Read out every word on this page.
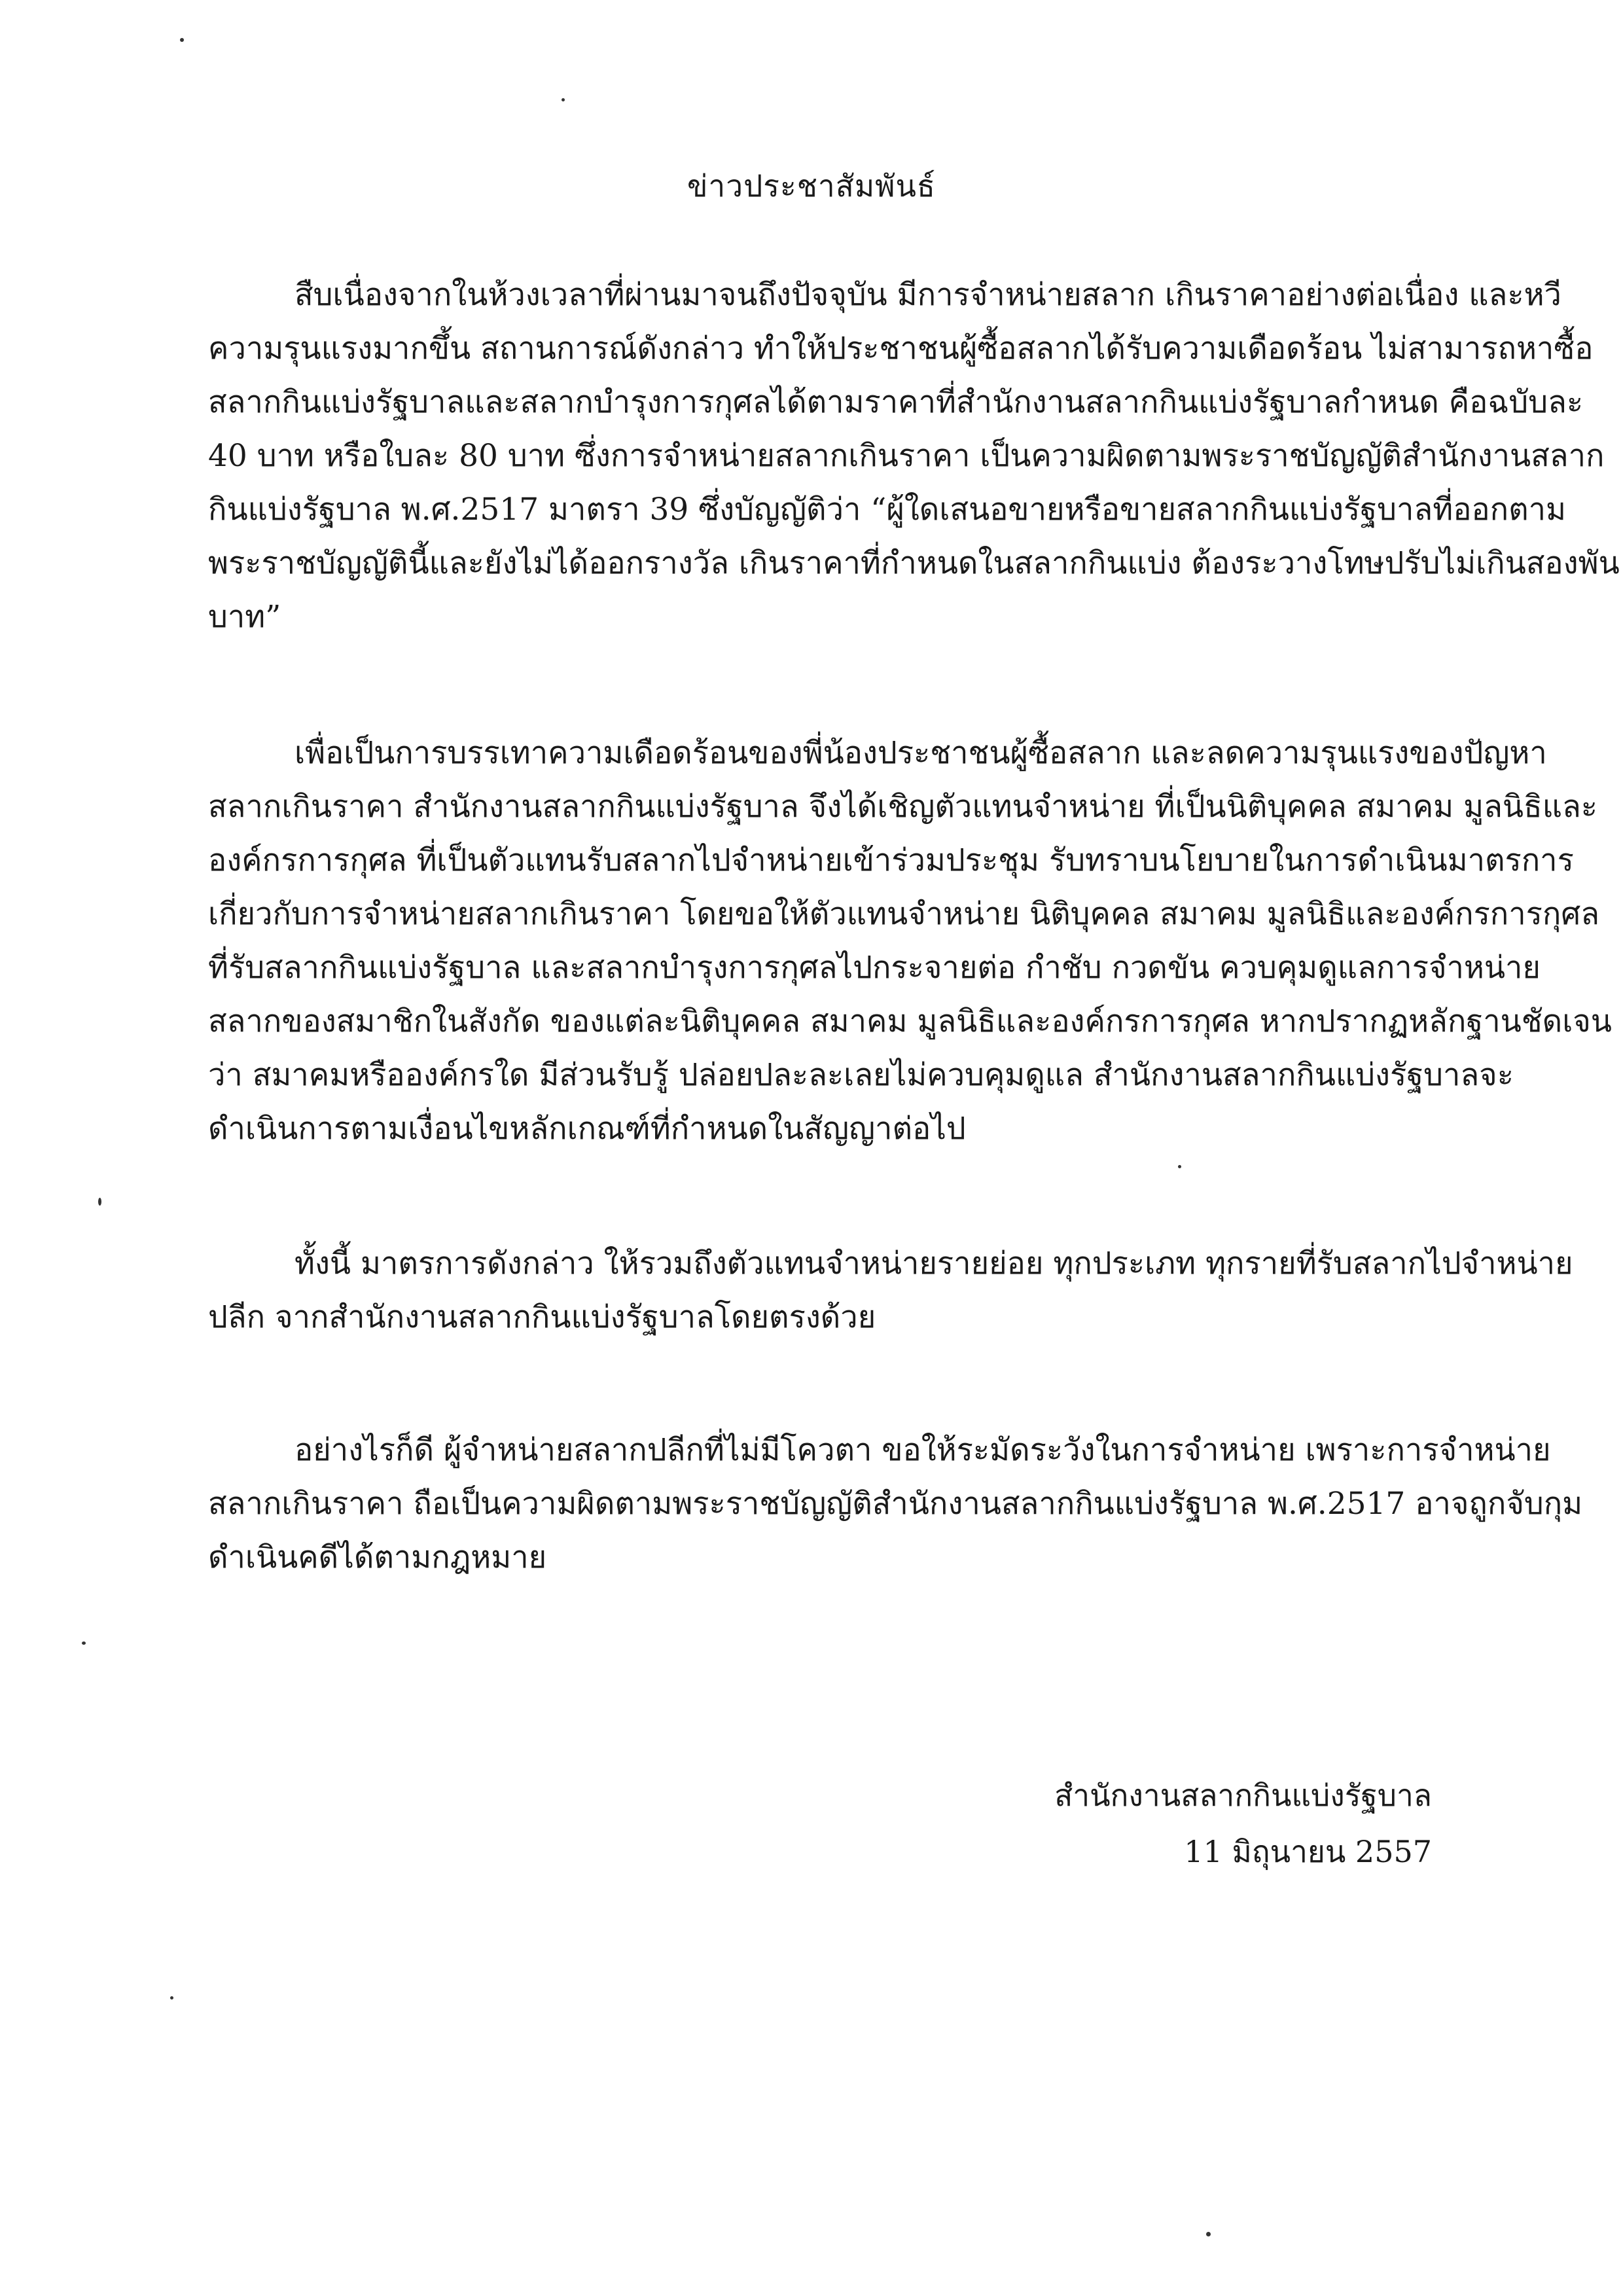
ข่าวประชาสัมพันธ์

สืบเนื่องจากในห้วงเวลาที่ผ่านมาจนถึงปัจจุบัน มีการจำหน่ายสลาก เกินราคาอย่างต่อเนื่อง และหวี
ความรุนแรงมากขึ้น สถานการณ์ดังกล่าว ทำให้ประชาชนผู้ซื้อสลากได้รับความเดือดร้อน ไม่สามารถหาซื้อ
สลากกินแบ่งรัฐบาลและสลากบำรุงการกุศลได้ตามราคาที่สำนักงานสลากกินแบ่งรัฐบาลกำหนด คือฉบับละ
40 บาท หรือใบละ 80 บาท ซึ่งการจำหน่ายสลากเกินราคา เป็นความผิดตามพระราชบัญญัติสำนักงานสลาก
กินแบ่งรัฐบาล พ.ศ.2517 มาตรา 39 ซึ่งบัญญัติว่า “ผู้ใดเสนอขายหรือขายสลากกินแบ่งรัฐบาลที่ออกตาม
พระราชบัญญัตินี้และยังไม่ได้ออกรางวัล เกินราคาที่กำหนดในสลากกินแบ่ง ต้องระวางโทษปรับไม่เกินสองพัน
บาท”

เพื่อเป็นการบรรเทาความเดือดร้อนของพี่น้องประชาชนผู้ซื้อสลาก และลดความรุนแรงของปัญหา
สลากเกินราคา สำนักงานสลากกินแบ่งรัฐบาล จึงได้เชิญตัวแทนจำหน่าย ที่เป็นนิติบุคคล สมาคม มูลนิธิและ
องค์กรการกุศล ที่เป็นตัวแทนรับสลากไปจำหน่ายเข้าร่วมประชุม รับทราบนโยบายในการดำเนินมาตรการ
เกี่ยวกับการจำหน่ายสลากเกินราคา โดยขอให้ตัวแทนจำหน่าย นิติบุคคล สมาคม มูลนิธิและองค์กรการกุศล
ที่รับสลากกินแบ่งรัฐบาล และสลากบำรุงการกุศลไปกระจายต่อ กำชับ กวดขัน ควบคุมดูแลการจำหน่าย
สลากของสมาชิกในสังกัด ของแต่ละนิติบุคคล สมาคม มูลนิธิและองค์กรการกุศล หากปรากฏหลักฐานชัดเจน
ว่า สมาคมหรือองค์กรใด มีส่วนรับรู้ ปล่อยปละละเลยไม่ควบคุมดูแล สำนักงานสลากกินแบ่งรัฐบาลจะ
ดำเนินการตามเงื่อนไขหลักเกณฑ์ที่กำหนดในสัญญาต่อไป

ทั้งนี้ มาตรการดังกล่าว ให้รวมถึงตัวแทนจำหน่ายรายย่อย ทุกประเภท ทุกรายที่รับสลากไปจำหน่าย
ปลีก จากสำนักงานสลากกินแบ่งรัฐบาลโดยตรงด้วย

อย่างไรก็ดี ผู้จำหน่ายสลากปลีกที่ไม่มีโควตา ขอให้ระมัดระวังในการจำหน่าย เพราะการจำหน่าย
สลากเกินราคา ถือเป็นความผิดตามพระราชบัญญัติสำนักงานสลากกินแบ่งรัฐบาล พ.ศ.2517 อาจถูกจับกุม
ดำเนินคดีได้ตามกฎหมาย

สำนักงานสลากกินแบ่งรัฐบาล
11 มิถุนายน 2557
